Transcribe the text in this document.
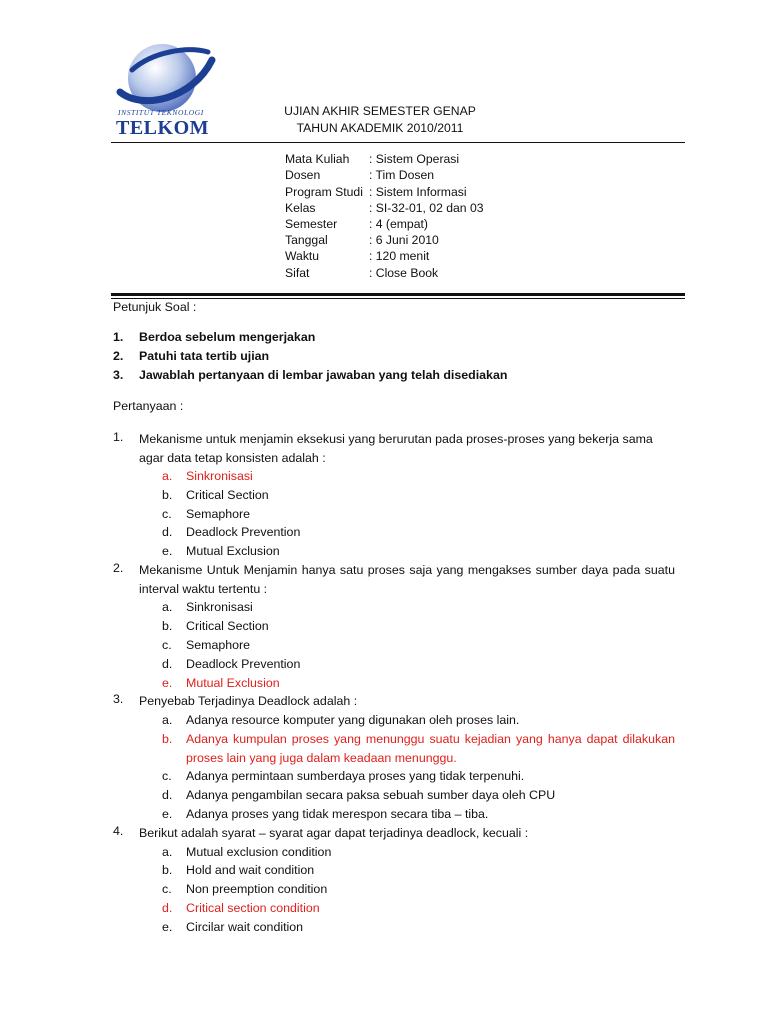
INSTITUT TEKNOLOGI
TELKOM
UJIAN AKHIR SEMESTER GENAP
TAHUN AKADEMIK 2010/2011
Mata Kuliah : Sistem Operasi
Dosen	: Tim Dosen
Program Studi : Sistem Informasi
Kelas	: SI-32-01, 02 dan 03
Semester	: 4 (empat)
Tanggal	: 6 Juni 2010
Waktu	: 120 menit
Sifat	: Close Book
Petunjuk Soal :
1. Berdoa sebelum mengerjakan
2. Patuhi tata tertib ujian
3. Jawablah pertanyaan di lembar jawaban yang telah disediakan
Pertanyaan :
1. Mekanisme untuk menjamin eksekusi yang berurutan pada proses-proses yang bekerja sama agar data tetap konsisten adalah :
a. Sinkronisasi
b. Critical Section
c. Semaphore
d. Deadlock Prevention
e. Mutual Exclusion
2. Mekanisme Untuk Menjamin hanya satu proses saja yang mengakses sumber daya pada suatu interval waktu tertentu :
a. Sinkronisasi
b. Critical Section
c. Semaphore
d. Deadlock Prevention
e. Mutual Exclusion
3. Penyebab Terjadinya Deadlock adalah :
a. Adanya resource komputer yang digunakan oleh proses lain.
b. Adanya kumpulan proses yang menunggu suatu kejadian yang hanya dapat dilakukan proses lain yang juga dalam keadaan menunggu.
c. Adanya permintaan sumberdaya proses yang tidak terpenuhi.
d. Adanya pengambilan secara paksa sebuah sumber daya oleh CPU
e. Adanya proses yang tidak merespon secara tiba – tiba.
4. Berikut adalah syarat – syarat agar dapat terjadinya deadlock, kecuali :
a. Mutual exclusion condition
b. Hold and wait condition
c. Non preemption condition
d. Critical section condition
e. Circilar wait condition
